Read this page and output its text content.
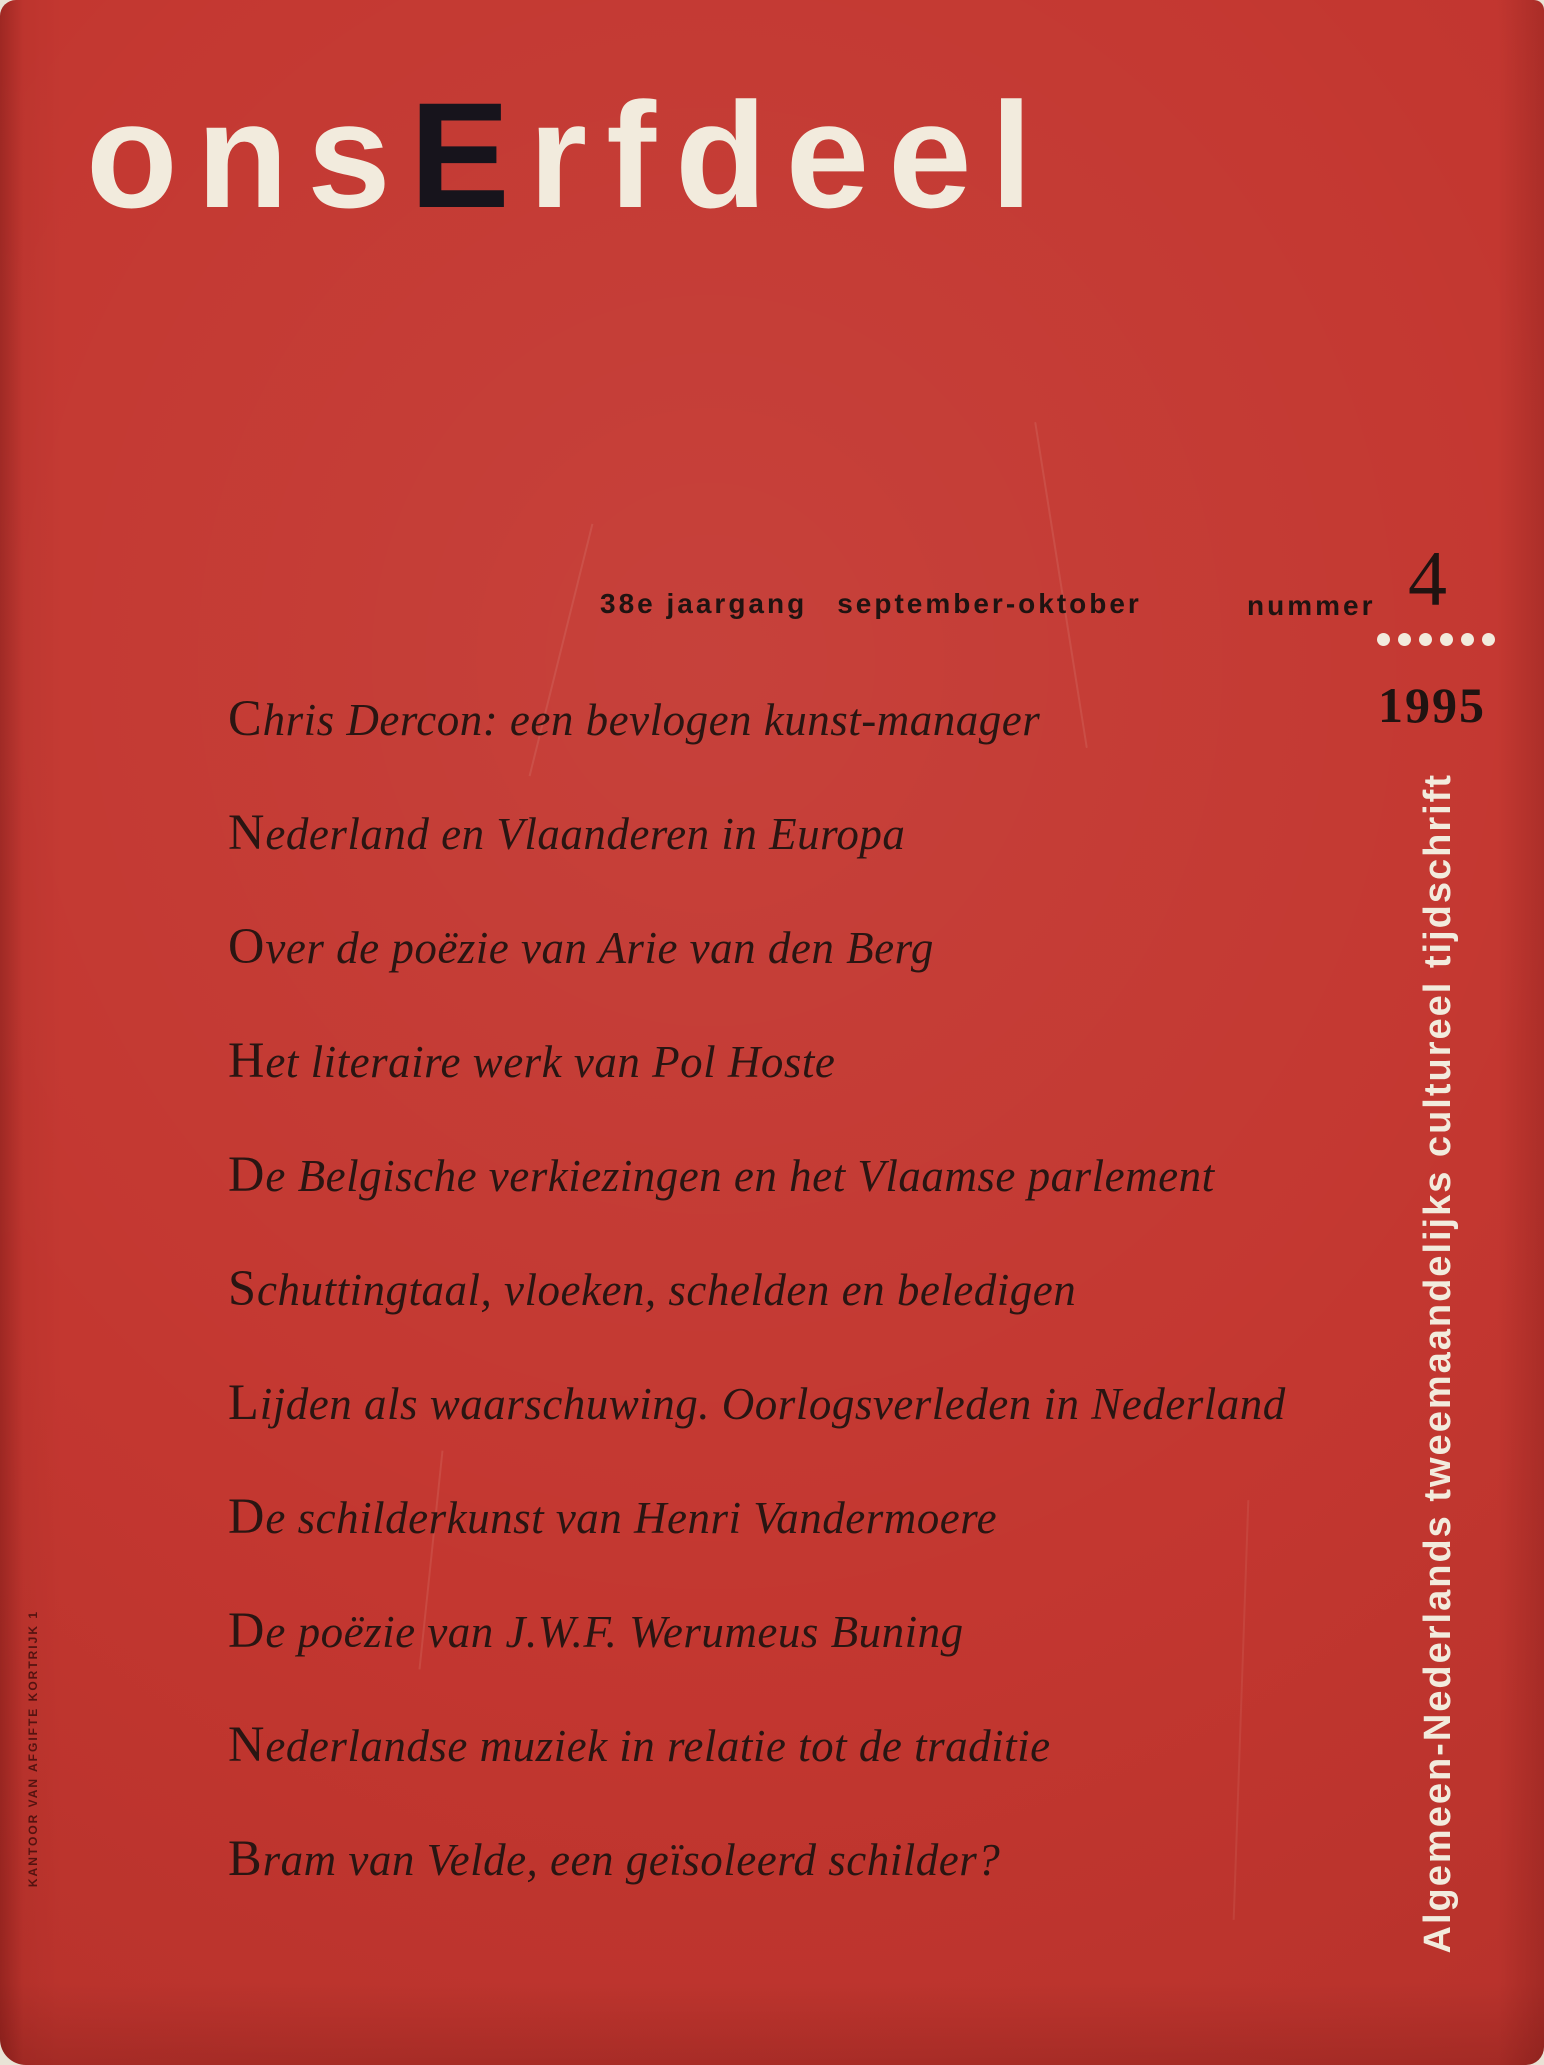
onsErfdeel
38e jaargang september-oktober	nummer 4
1995
Chris Dercon: een bevlogen kunst-manager
Nederland en Vlaanderen in Europa
Over de poëzie van Arie van den Berg
Het literaire werk van Pol Hoste
De Belgische verkiezingen en het Vlaamse parlement
Schuttingtaal, vloeken, schelden en beledigen
Lijden als waarschuwing. Oorlogsverleden in Nederland
De schilderkunst van Henri Vandermoere
De poëzie van J.W.F. Werumeus Buning
Nederlandse muziek in relatie tot de traditie
Bram van Velde, een geïsoleerd schilder?	Algemeen-Nederlands tweemaandelijks cultureel tijdschrift
KANTOOR VAN AFGIFTE KORTRIJK 1
